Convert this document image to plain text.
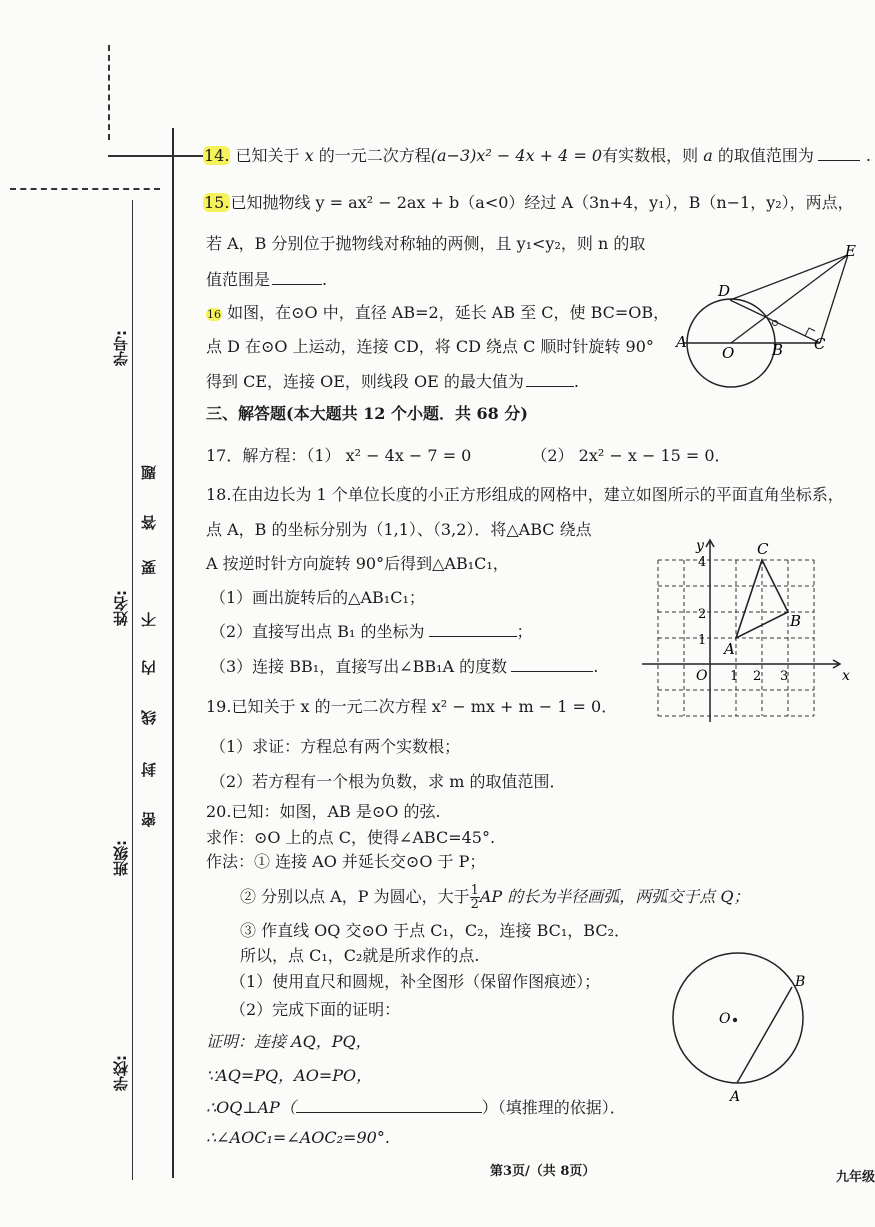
学号:
姓名:
班级:
学校:
题
答
要
不
内
线
封
密
14. 已知关于 x 的一元二次方程(a−3)x² − 4x + 4 = 0有实数根，则 a 的取值范围为	.
15.已知抛物线 y = ax² − 2ax + b（a<0）经过 A（3n+4，y₁），B（n−1，y₂），两点，
若 A，B 分别位于抛物线对称轴的两侧，且 y₁<y₂，则 n 的取
值范围是	.
16 如图，在⊙O 中，直径 AB=2，延长 AB 至 C，使 BC=OB，
点 D 在⊙O 上运动，连接 CD，将 CD 绕点 C 顺时针旋转 90°
得到 CE，连接 OE，则线段 OE 的最大值为	.
D
E
A
O	B C
三、解答题(本大题共 12 个小题．共 68 分)
17．解方程：（1） x² − 4x − 7 = 0	（2） 2x² − x − 15 = 0．
18.在由边长为 1 个单位长度的小正方形组成的网格中，建立如图所示的平面直角坐标系，
点 A，B 的坐标分别为（1,1）、（3,2）．将△ABC 绕点
A 按逆时针方向旋转 90°后得到△AB₁C₁，
（1）画出旋转后的△AB₁C₁；
（2）直接写出点 B₁ 的坐标为	；
（3）连接 BB₁，直接写出∠BB₁A 的度数	.
y
x
O
C
A
B
4
2
1
1 2 3
19.已知关于 x 的一元二次方程 x² − mx + m − 1 = 0．
（1）求证：方程总有两个实数根；
（2）若方程有一个根为负数，求 m 的取值范围．
20.已知：如图，AB 是⊙O 的弦.
求作：⊙O 上的点 C，使得∠ABC=45°.
作法：① 连接 AO 并延长交⊙O 于 P；
② 分别以点 A，P 为圆心，大于 $\frac{1}{2}$ AP 的长为半径画弧，两弧交于点 Q；
③ 作直线 OQ 交⊙O 于点 C₁，C₂，连接 BC₁，BC₂．
所以，点 C₁，C₂就是所求作的点.
（1）使用直尺和圆规，补全图形（保留作图痕迹）；
（2）完成下面的证明：
证明：连接 AQ，PQ，
∵AQ=PQ，AO=PO，
∴OQ⊥AP（	）（填推理的依据）．
∴∠AOC₁=∠AOC₂=90°.
B
O
A
第3页/（共 8页）	九年级
